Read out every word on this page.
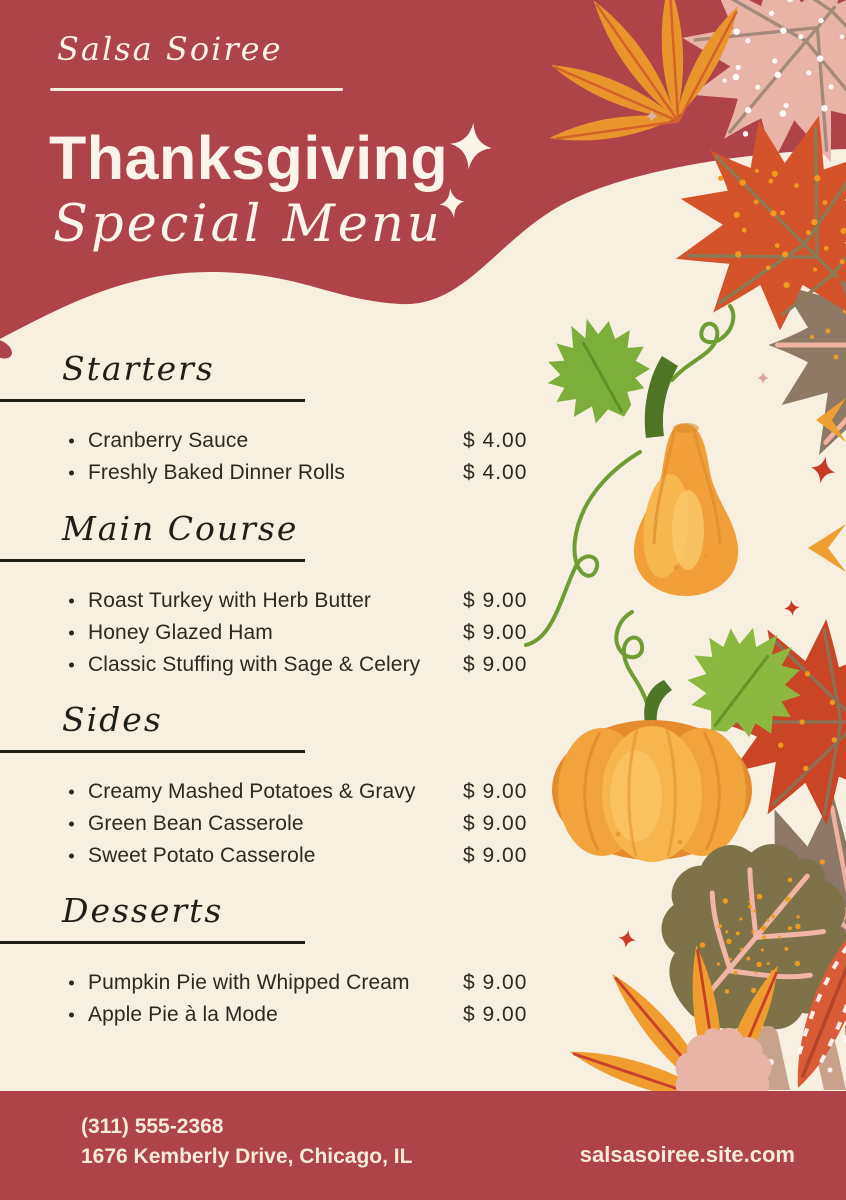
Salsa Soiree
Thanksgiving
Special Menu
Starters
Cranberry Sauce	$ 4.00
Freshly Baked Dinner Rolls	$ 4.00
Main Course
Roast Turkey with Herb Butter	$ 9.00
Honey Glazed Ham	$ 9.00
Classic Stuffing with Sage & Celery $ 9.00
Sides
Creamy Mashed Potatoes & Gravy $ 9.00
Green Bean Casserole	$ 9.00
Sweet Potato Casserole	$ 9.00
Desserts
Pumpkin Pie with Whipped Cream	$ 9.00
Apple Pie à la Mode	$ 9.00
(311) 555-2368
1676 Kemberly Drive, Chicago, IL	salsasoiree.site.com
